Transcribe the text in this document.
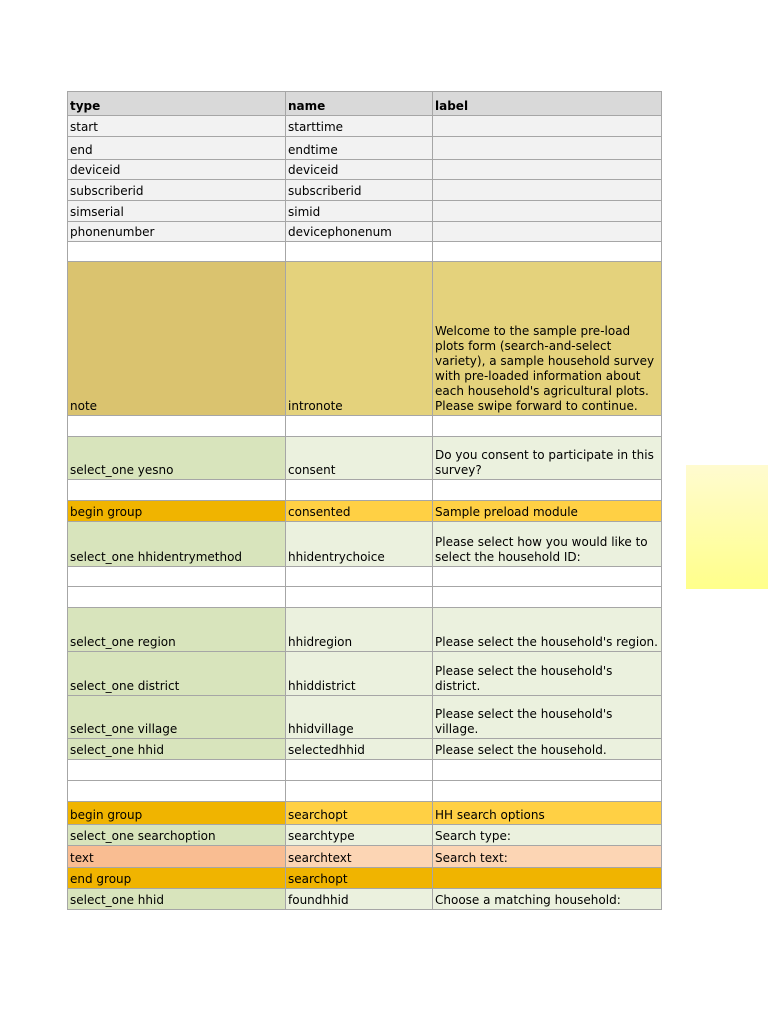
type	name	label
start	starttime	
end	endtime	
deviceid	deviceid	
subscriberid	subscriberid	
simserial	simid	
phonenumber	devicephonenum	

note	intronote	Welcome to the sample pre-load plots form (search-and-select variety), a sample household survey with pre-loaded information about each household's agricultural plots. Please swipe forward to continue.

select_one yesno	consent	Do you consent to participate in this survey?

begin group	consented	Sample preload module
select_one hhidentrymethod	hhidentrychoice	Please select how you would like to select the household ID:

select_one region	hhidregion	Please select the household's region.
select_one district	hhiddistrict	Please select the household's district.
select_one village	hhidvillage	Please select the household's village.
select_one hhid	selectedhhid	Please select the household.

begin group	searchopt	HH search options
select_one searchoption	searchtype	Search type:
text	searchtext	Search text:
end group	searchopt	
select_one hhid	foundhhid	Choose a matching household:
